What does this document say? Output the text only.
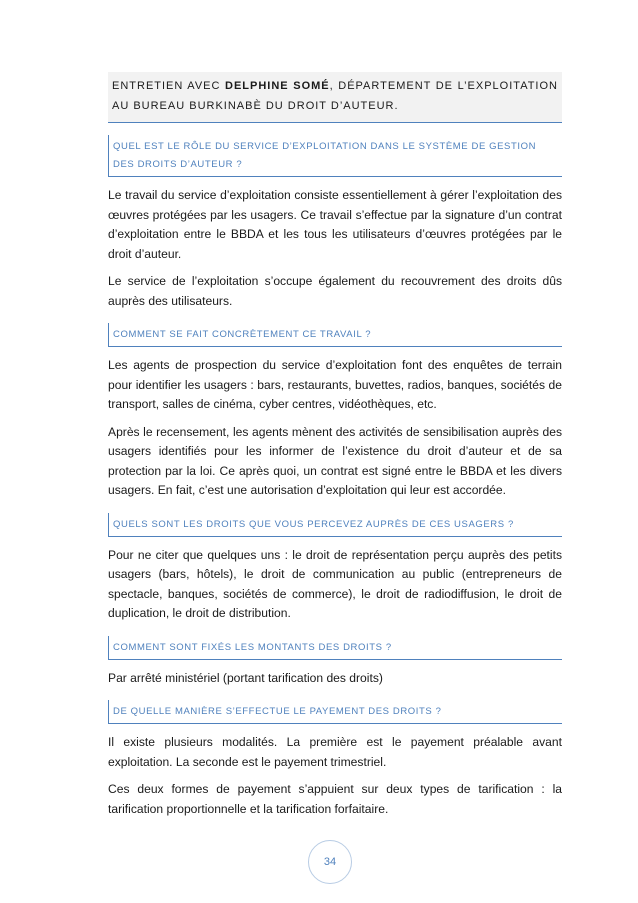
ENTRETIEN AVEC DELPHINE SOMÉ, DÉPARTEMENT DE L’EXPLOITATION AU BUREAU BURKINABÈ DU DROIT D’AUTEUR.
QUEL EST LE RÔLE DU SERVICE D’EXPLOITATION DANS LE SYSTÈME DE GESTION DES DROITS D’AUTEUR ?

Le travail du service d’exploitation consiste essentiellement à gérer l’exploitation des œuvres protégées par les usagers. Ce travail s’effectue par la signature d’un contrat d’exploitation entre le BBDA et les tous les utilisateurs d’œuvres protégées par le droit d’auteur.

Le service de l’exploitation s’occupe également du recouvrement des droits dûs auprès des utilisateurs.

COMMENT SE FAIT CONCRÈTEMENT CE TRAVAIL ?

Les agents de prospection du service d’exploitation font des enquêtes de terrain pour identifier les usagers : bars, restaurants, buvettes, radios, banques, sociétés de transport, salles de cinéma, cyber centres, vidéothèques, etc.

Après le recensement, les agents mènent des activités de sensibilisation auprès des usagers identifiés pour les informer de l’existence du droit d’auteur et de sa protection par la loi. Ce après quoi, un contrat est signé entre le BBDA et les divers usagers. En fait, c’est une autorisation d’exploitation qui leur est accordée.

QUELS SONT LES DROITS QUE VOUS PERCEVEZ AUPRÈS DE CES USAGERS ?

Pour ne citer que quelques uns : le droit de représentation perçu auprès des petits usagers (bars, hôtels), le droit de communication au public (entrepreneurs de spectacle, banques, sociétés de commerce), le droit de radiodiffusion, le droit de duplication, le droit de distribution.

COMMENT SONT FIXÉS LES MONTANTS DES DROITS ?

Par arrêté ministériel (portant tarification des droits)

DE QUELLE MANIÈRE S’EFFECTUE LE PAYEMENT DES DROITS ?

Il existe plusieurs modalités. La première est le payement préalable avant exploitation. La seconde est le payement trimestriel.

Ces deux formes de payement s’appuient sur deux types de tarification : la tarification proportionnelle et la tarification forfaitaire.

34
